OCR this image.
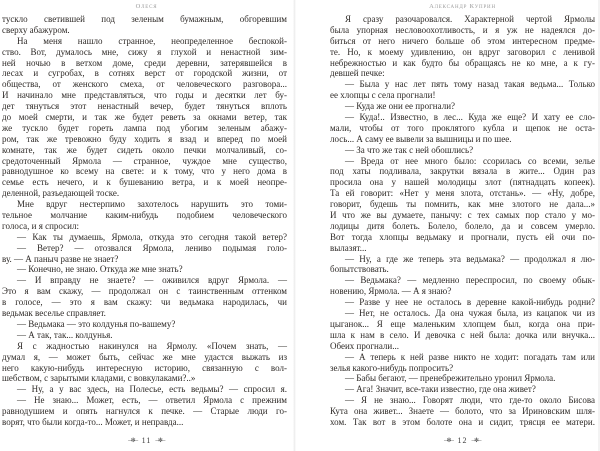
Олеся
тускло светившей под зеленым бумажным, обгоревшим
сверху абажуром.
На меня нашло странное, неопределенное беспокой-
ство. Вот, думалось мне, сижу я глухой и ненастной зим-
ней ночью в ветхом доме, среди деревни, затерявшейся в
лесах и сугробах, в сотнях верст от городской жизни, от
общества, от женского смеха, от человеческого разговора...
И начинало мне представляться, что годы и десятки лет бу-
дет тянуться этот ненастный вечер, будет тянуться вплоть
до моей смерти, и так же будет реветь за окнами ветер, так
же тускло будет гореть лампа под убогим зеленым абажу-
ром, так же тревожно буду ходить я взад и вперед по моей
комнате, так же будет сидеть около печки молчаливый, со-
средоточенный Ярмола — странное, чуждое мне существо,
равнодушное ко всему на свете: и к тому, что у него дома в
семье есть нечего, и к бушеванию ветра, и к моей неопре-
деленной, разъедающей тоске.
Мне вдруг нестерпимо захотелось нарушить это томи-
тельное молчание каким-нибудь подобием человеческого
голоса, и я спросил:
— Как ты думаешь, Ярмола, откуда это сегодня такой ветер?
— Ветер? — отозвался Ярмола, лениво подымая голо-
ву. — А паныч разве не знает?
— Конечно, не знаю. Откуда же мне знать?
— И вправду не знаете? — оживился вдруг Ярмола. —
Это я вам скажу, — продолжал он с таинственным оттенком
в голосе, — это я вам скажу: чи ведьмака народилась, чи
ведьмак веселье справляет.
— Ведьмака — это колдунья по-вашему?
— А так, так... колдунья.
Я с жадностью накинулся на Ярмолу. «Почем знать, —
думал я, — может быть, сейчас же мне удастся выжать из
него какую-нибудь интересную историю, связанную с вол-
шебством, с зарытыми кладами, с вовкулаками?..»
— Ну, а у вас здесь, на Полесье, есть ведьмы? — спросил я.
— Не знаю... Может, есть, — ответил Ярмола с прежним
равнодушием и опять нагнулся к печке. — Старые люди го-
ворят, что были когда-то... Может, и неправда...
–✻– 11 –✻–
Александр Куприн
Я сразу разочаровался. Характерной чертой Ярмолы
была упорная несловоохотливость, и я уж не надеялся до-
биться от него ничего больше об этом интересном предме-
те. Но, к моему удивлению, он вдруг заговорил с ленивой
небрежностью и как будто бы обращаясь не ко мне, а к гу-
девшей печке:
— Была у нас лет пять тому назад такая ведьма... Только
ее хлопцы с села прогнали!
— Куда же они ее прогнали?
— Куда!.. Известно, в лес... Куда же еще? И хату ее сло-
мали, чтобы от того проклятого кубла и щепок не оста-
лось... А саму ее вывели за вышницы и по шее.
— За что же так с ней обошлись?
— Вреда от нее много было: ссорилась со всеми, зелье
под хаты подливала, закрутки вязала в жите... Один раз
просила она у нашей молодицы злот (пятнадцать копеек).
Та ей говорит: «Нет у меня злота, отстань». — «Ну, добре,
говорит, будешь ты помнить, как мне злотого не дала...»
И что же вы думаете, панычу: с тех самых пор стало у мо-
лодицы дитя болеть. Болело, болело, да и совсем умерло.
Вот тогда хлопцы ведьмаку и прогнали, пусть ей очи по-
вылазят...
— Ну, а где же теперь эта ведьмака? — продолжал я лю-
бопытствовать.
— Ведьмака? — медленно переспросил, по своему обык-
новению, Ярмола. — А я знаю?
— Разве у нее не осталось в деревне какой-нибудь родни?
— Нет, не осталось. Да она чужая была, из кацапок чи из
цыганок... Я еще маленьким хлопцем был, когда она при-
шла к нам в село. И девочка с ней была: дочка или внучка...
Обеих прогнали...
— А теперь к ней разве никто не ходит: погадать там или
зелья какого-нибудь попросить?
— Бабы бегают, — пренебрежительно уронил Ярмола.
— Ага! Значит, все-таки известно, где она живет?
— Я не знаю... Говорят люди, что где-то около Бисова
Кута она живет... Знаете — болото, что за Ириновским шля-
хом. Так вот в этом болоте она и сидит, трясця ее матери.
–✻– 12 –✻–
